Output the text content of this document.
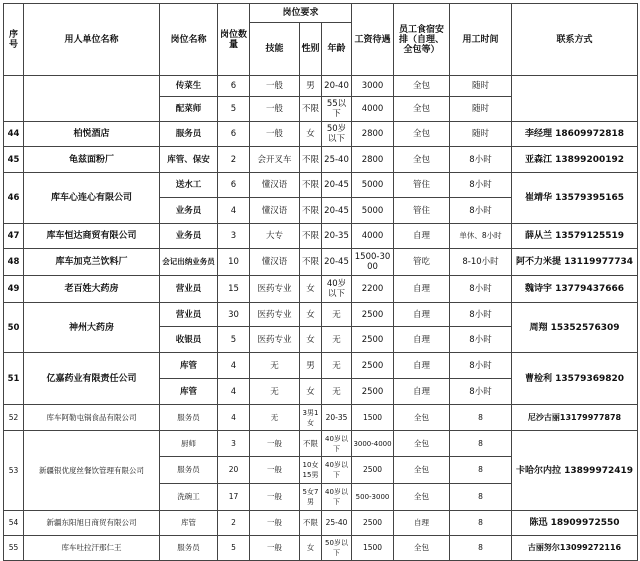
序号	用人单位名称	岗位名称	岗位数量	岗位要求			工资待遇	员工食宿安排（自理、全包等）	用工时间	联系方式
				技能	性别	年龄				
		传菜生	6	一般	男	20-40	3000	全包	随时	
		配菜师	5	一般	不限	55以下	4000	全包	随时	
44	柏悦酒店	服务员	6	一般	女	50岁以下	2800	全包	随时	李经理 18609972818
45	龟兹面粉厂	库管、保安	2	会开叉车	不限	25-40	2800	全包	8小时	亚森江 13899200192
46	库车心连心有限公司	送水工	6	懂汉语	不限	20-45	5000	管住	8小时	崔靖华 13579395165
		业务员	4	懂汉语	不限	20-45	5000	管住	8小时	
47	库车恒达商贸有限公司	业务员	3	大专	不限	20-35	4000	自理	单休、8小时	薛从兰 13579125519
48	库车加克兰饮料厂	会记出纳业务员	10	懂汉语	不限	20-45	1500-3000	管吃	8-10小时	阿不力米提 13119977734
49	老百姓大药房	营业员	15	医药专业	女	40岁以下	2200	自理	8小时	魏诗宇 13779437666
50	神州大药房	营业员	30	医药专业	女	无	2500	自理	8小时	周翔 15352576309
		收银员	5	医药专业	女	无	2500	自理	8小时	
51	亿嘉药业有限责任公司	库管	4	无	男	无	2500	自理	8小时	曹检利 13579369820
		库管	4	无	女	无	2500	自理	8小时	
52	库车阿勒屯锅食品有限公司	服务员	4	无	3男1女	20-35	1500	全包	8	尼沙古丽13179977878
53	新疆银优度丝餐饮管理有限公司	厨师	3	一般	不限	40岁以下	3000-4000	全包	8	卡哈尔内拉 13899972419
		服务员	20	一般	10女15男	40岁以下	2500	全包	8	
		洗碗工	17	一般	5女7男	40岁以下	500-3000	全包	8	
54	新疆东阳旭日商贸有限公司	库管	2	一般	不限	25-40	2500	自理	8	陈迅 18909972550
55	库车吐拉汗那仁王	服务员	5	一般	女	50岁以下	1500	全包	8	古丽努尔13099272116
